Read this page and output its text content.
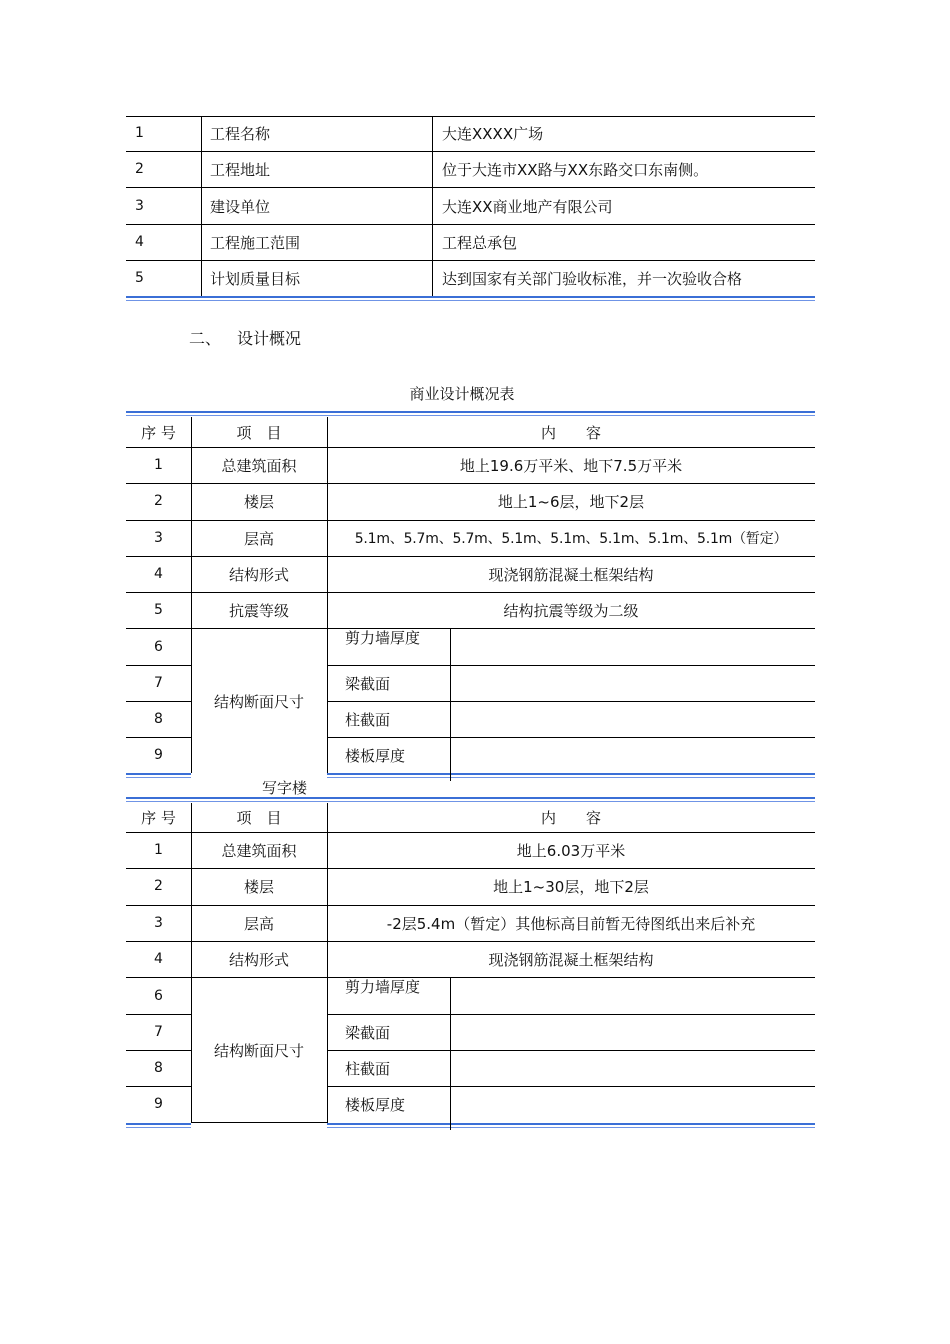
1	工程名称	大连XXXX广场
2	工程地址	位于大连市XX路与XX东路交口东南侧。
3	建设单位	大连XX商业地产有限公司
4	工程施工范围	工程总承包
5	计划质量目标	达到国家有关部门验收标准，并一次验收合格
二、 设计概况
商业设计概况表
序 号	项　目	内　　容
1	总建筑面积	地上19.6万平米、地下7.5万平米
2	楼层	地上1~6层，地下2层
3	层高	5.1m、5.7m、5.7m、5.1m、5.1m、5.1m、5.1m、5.1m（暂定）
4	结构形式	现浇钢筋混凝土框架结构
5	抗震等级	结构抗震等级为二级
结构断面尺寸
6	剪力墙厚度
7	梁截面
8	柱截面
9	楼板厚度
写字楼
序 号	项　目	内　　容
1	总建筑面积	地上6.03万平米
2	楼层	地上1~30层，地下2层
3	层高	-2层5.4m（暂定）其他标高目前暂无待图纸出来后补充
4	结构形式	现浇钢筋混凝土框架结构
结构断面尺寸
6	剪力墙厚度
7	梁截面
8	柱截面
9	楼板厚度
